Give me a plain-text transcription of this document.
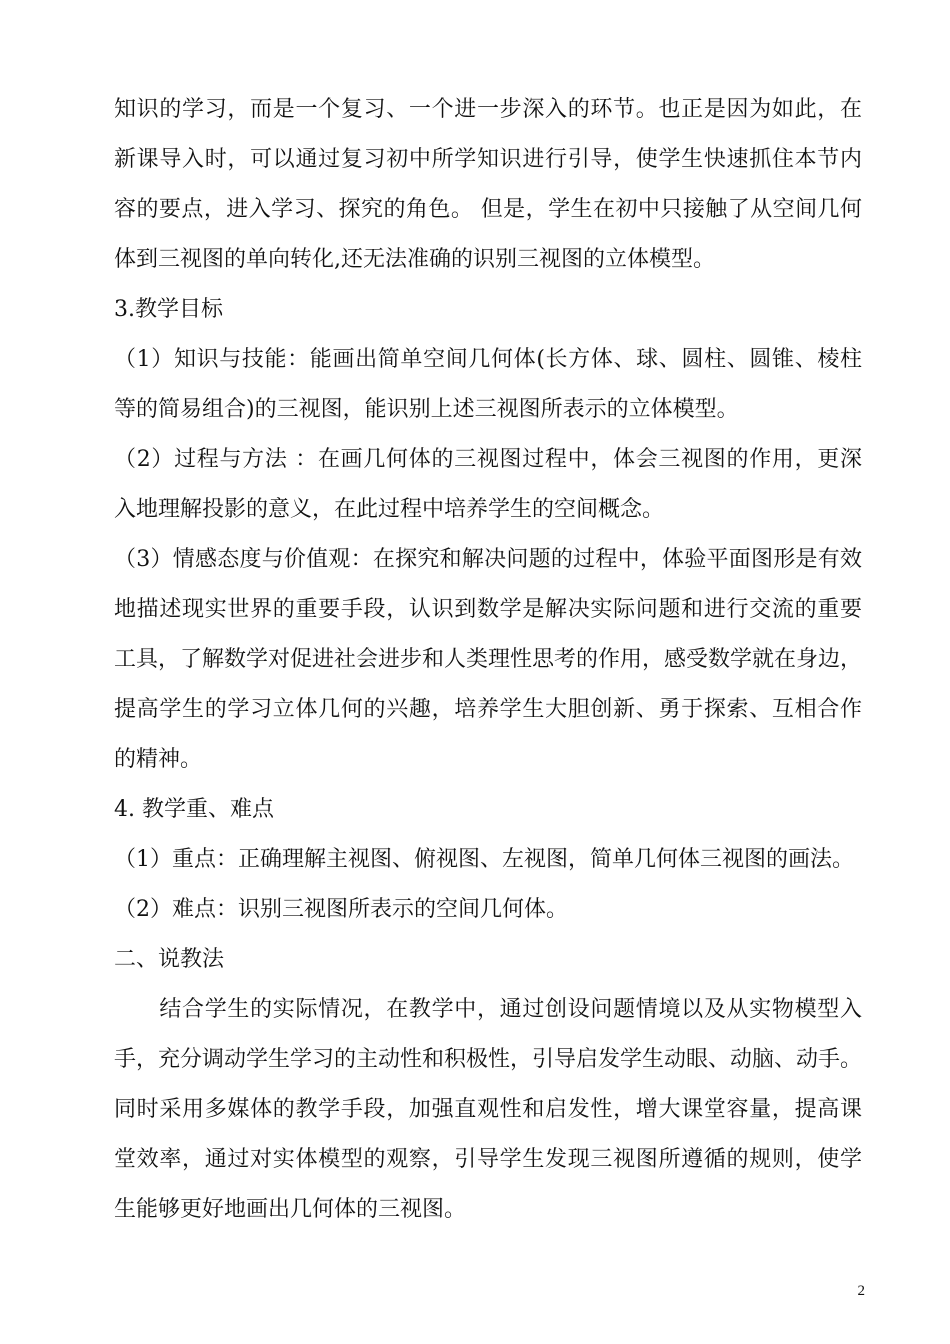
知识的学习，而是一个复习、一个进一步深入的环节。也正是因为如此，在
新课导入时，可以通过复习初中所学知识进行引导，使学生快速抓住本节内
容的要点，进入学习、探究的角色。 但是，学生在初中只接触了从空间几何
体到三视图的单向转化,还无法准确的识别三视图的立体模型。
3.教学目标
（1）知识与技能：能画出简单空间几何体(长方体、球、圆柱、圆锥、棱柱
等的简易组合)的三视图，能识别上述三视图所表示的立体模型。
（2）过程与方法 ：在画几何体的三视图过程中，体会三视图的作用，更深
入地理解投影的意义，在此过程中培养学生的空间概念。
（3）情感态度与价值观：在探究和解决问题的过程中，体验平面图形是有效
地描述现实世界的重要手段，认识到数学是解决实际问题和进行交流的重要
工具，了解数学对促进社会进步和人类理性思考的作用，感受数学就在身边，
提高学生的学习立体几何的兴趣，培养学生大胆创新、勇于探索、互相合作
的精神。
4. 教学重、难点
（1）重点：正确理解主视图、俯视图、左视图，简单几何体三视图的画法。
（2）难点：识别三视图所表示的空间几何体。
二、说教法
　　结合学生的实际情况，在教学中，通过创设问题情境以及从实物模型入
手，充分调动学生学习的主动性和积极性，引导启发学生动眼、动脑、动手。
同时采用多媒体的教学手段，加强直观性和启发性，增大课堂容量，提高课
堂效率，通过对实体模型的观察，引导学生发现三视图所遵循的规则，使学
生能够更好地画出几何体的三视图。
2
